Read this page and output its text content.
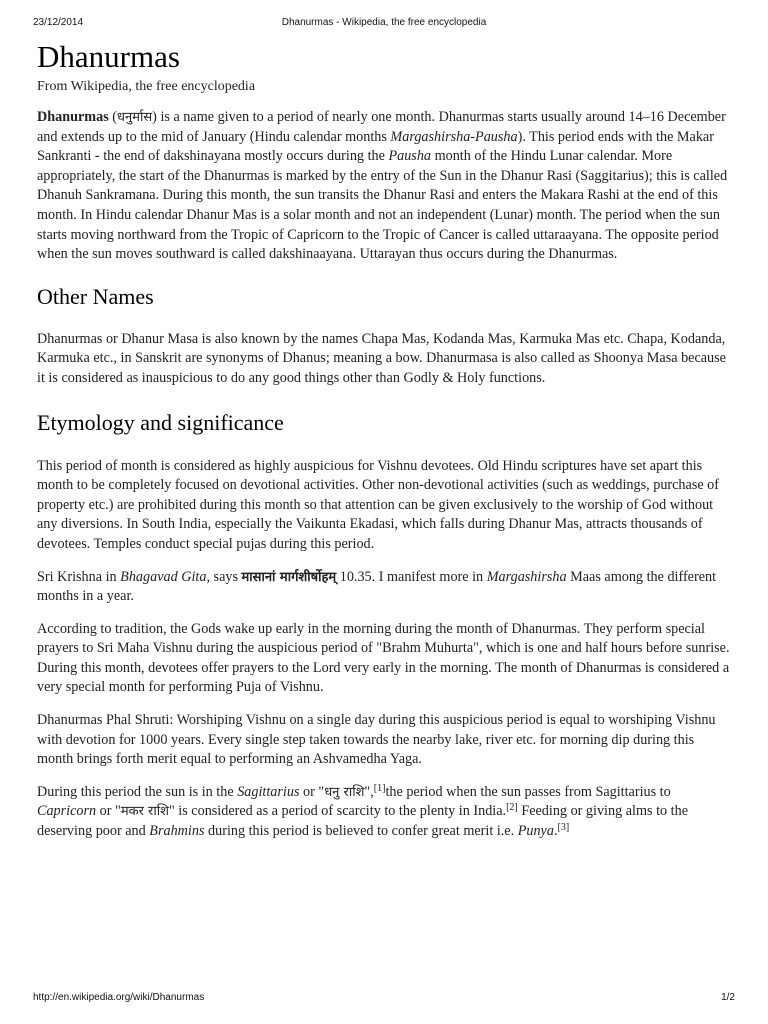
23/12/2014	Dhanurmas - Wikipedia, the free encyclopedia
Dhanurmas
From Wikipedia, the free encyclopedia

Dhanurmas (धनुर्मास) is a name given to a period of nearly one month. Dhanurmas starts usually around 14–16 December and extends up to the mid of January (Hindu calendar months Margashirsha-Pausha). This period ends with the Makar Sankranti - the end of dakshinayana mostly occurs during the Pausha month of the Hindu Lunar calendar. More appropriately, the start of the Dhanurmas is marked by the entry of the Sun in the Dhanur Rasi (Saggitarius); this is called Dhanuh Sankramana. During this month, the sun transits the Dhanur Rasi and enters the Makara Rashi at the end of this month. In Hindu calendar Dhanur Mas is a solar month and not an independent (Lunar) month. The period when the sun starts moving northward from the Tropic of Capricorn to the Tropic of Cancer is called uttaraayana. The opposite period when the sun moves southward is called dakshinaayana. Uttarayan thus occurs during the Dhanurmas.

Other Names

Dhanurmas or Dhanur Masa is also known by the names Chapa Mas, Kodanda Mas, Karmuka Mas etc. Chapa, Kodanda, Karmuka etc., in Sanskrit are synonyms of Dhanus; meaning a bow. Dhanurmasa is also called as Shoonya Masa because it is considered as inauspicious to do any good things other than Godly & Holy functions.

Etymology and significance

This period of month is considered as highly auspicious for Vishnu devotees. Old Hindu scriptures have set apart this month to be completely focused on devotional activities. Other non-devotional activities (such as weddings, purchase of property etc.) are prohibited during this month so that attention can be given exclusively to the worship of God without any diversions. In South India, especially the Vaikunta Ekadasi, which falls during Dhanur Mas, attracts thousands of devotees. Temples conduct special pujas during this period.

Sri Krishna in Bhagavad Gita, says मासानां मार्गशीर्षोहम् 10.35. I manifest more in Margashirsha Maas among the different months in a year.

According to tradition, the Gods wake up early in the morning during the month of Dhanurmas. They perform special prayers to Sri Maha Vishnu during the auspicious period of "Brahm Muhurta", which is one and half hours before sunrise. During this month, devotees offer prayers to the Lord very early in the morning. The month of Dhanurmas is considered a very special month for performing Puja of Vishnu.

Dhanurmas Phal Shruti: Worshiping Vishnu on a single day during this auspicious period is equal to worshiping Vishnu with devotion for 1000 years. Every single step taken towards the nearby lake, river etc. for morning dip during this month brings forth merit equal to performing an Ashvamedha Yaga.

During this period the sun is in the Sagittarius or "धनु राशि",[1]the period when the sun passes from Sagittarius to Capricorn or "मकर राशि" is considered as a period of scarcity to the plenty in India.[2] Feeding or giving alms to the deserving poor and Brahmins during this period is believed to confer great merit i.e. Punya.[3]

http://en.wikipedia.org/wiki/Dhanurmas	1/2
